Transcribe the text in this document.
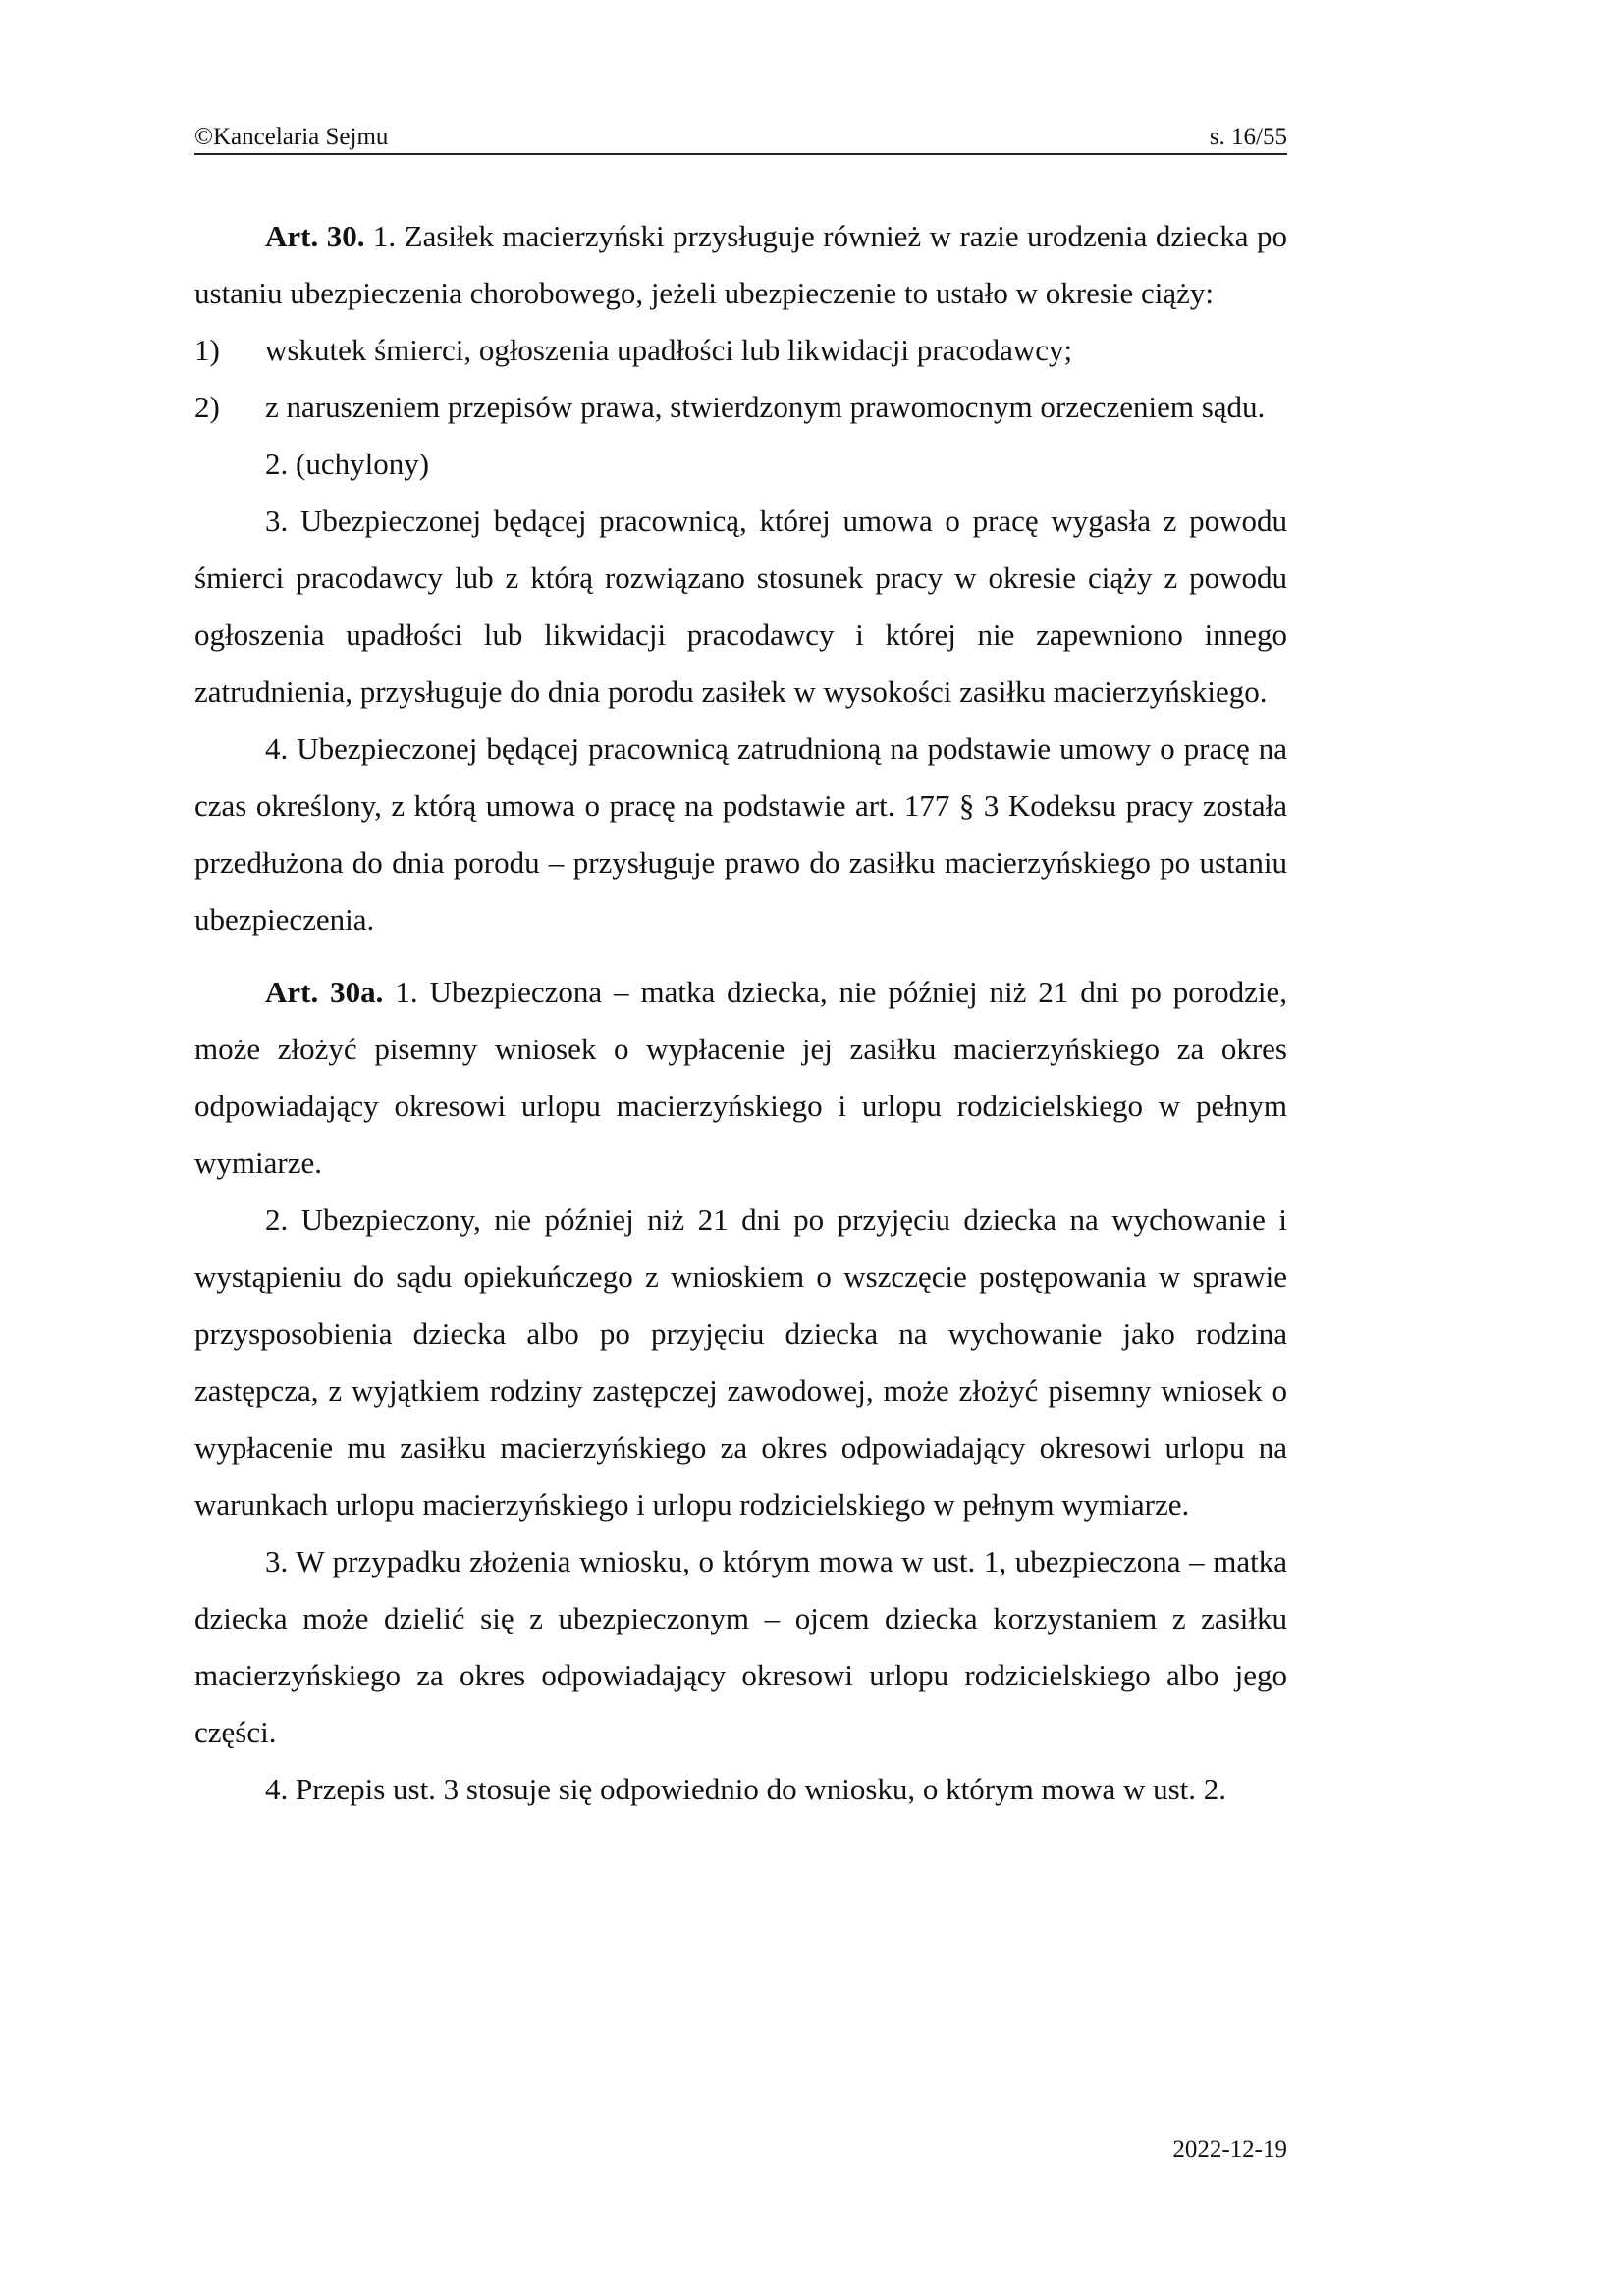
©Kancelaria Sejmu	s. 16/55

Art. 30. 1. Zasiłek macierzyński przysługuje również w razie urodzenia dziecka po ustaniu ubezpieczenia chorobowego, jeżeli ubezpieczenie to ustało w okresie ciąży:

1)	wskutek śmierci, ogłoszenia upadłości lub likwidacji pracodawcy;
2)	z naruszeniem przepisów prawa, stwierdzonym prawomocnym orzeczeniem sądu.

2. (uchylony)

3. Ubezpieczonej będącej pracownicą, której umowa o pracę wygasła z powodu śmierci pracodawcy lub z którą rozwiązano stosunek pracy w okresie ciąży z powodu ogłoszenia upadłości lub likwidacji pracodawcy i której nie zapewniono innego zatrudnienia, przysługuje do dnia porodu zasiłek w wysokości zasiłku macierzyńskiego.

4. Ubezpieczonej będącej pracownicą zatrudnioną na podstawie umowy o pracę na czas określony, z którą umowa o pracę na podstawie art. 177 § 3 Kodeksu pracy została przedłużona do dnia porodu – przysługuje prawo do zasiłku macierzyńskiego po ustaniu ubezpieczenia.

Art. 30a. 1. Ubezpieczona – matka dziecka, nie później niż 21 dni po porodzie, może złożyć pisemny wniosek o wypłacenie jej zasiłku macierzyńskiego za okres odpowiadający okresowi urlopu macierzyńskiego i urlopu rodzicielskiego w pełnym wymiarze.

2. Ubezpieczony, nie później niż 21 dni po przyjęciu dziecka na wychowanie i wystąpieniu do sądu opiekuńczego z wnioskiem o wszczęcie postępowania w sprawie przysposobienia dziecka albo po przyjęciu dziecka na wychowanie jako rodzina zastępcza, z wyjątkiem rodziny zastępczej zawodowej, może złożyć pisemny wniosek o wypłacenie mu zasiłku macierzyńskiego za okres odpowiadający okresowi urlopu na warunkach urlopu macierzyńskiego i urlopu rodzicielskiego w pełnym wymiarze.

3. W przypadku złożenia wniosku, o którym mowa w ust. 1, ubezpieczona – matka dziecka może dzielić się z ubezpieczonym – ojcem dziecka korzystaniem z zasiłku macierzyńskiego za okres odpowiadający okresowi urlopu rodzicielskiego albo jego części.

4. Przepis ust. 3 stosuje się odpowiednio do wniosku, o którym mowa w ust. 2.

2022-12-19
